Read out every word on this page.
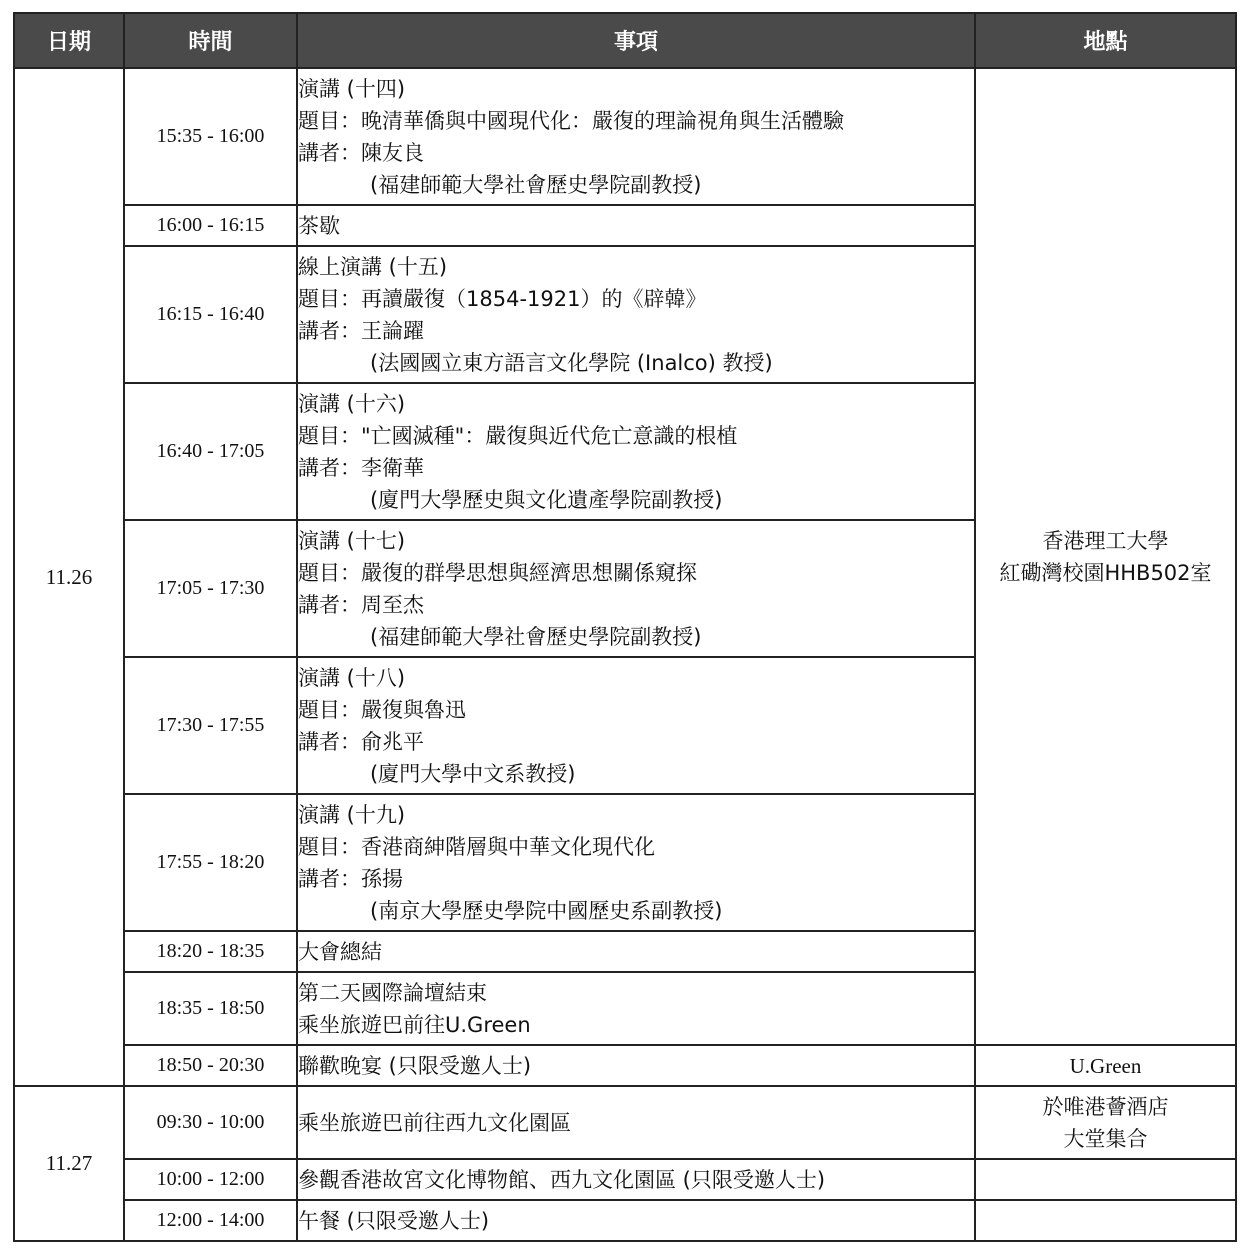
日期	時間	事項	地點
11.26	15:35 - 16:00	演講 (十四)
題目：晚清華僑與中國現代化：嚴復的理論視角與生活體驗
講者：陳友良
(福建師範大學社會歷史學院副教授)	香港理工大學
紅磡灣校園HHB502室

	16:00 - 16:15	茶歇	

	16:15 - 16:40	線上演講 (十五)
題目：再讀嚴復（1854-1921）的《辟韓》
講者：王論躍
(法國國立東方語言文化學院 (Inalco) 教授)	

	16:40 - 17:05	演講 (十六)
題目："亡國滅種"：嚴復與近代危亡意識的根植
講者：李衛華
(廈門大學歷史與文化遺產學院副教授)	

	17:05 - 17:30	演講 (十七)
題目：嚴復的群學思想與經濟思想關係窺探
講者：周至杰
(福建師範大學社會歷史學院副教授)	

	17:30 - 17:55	演講 (十八)
題目：嚴復與魯迅
講者：俞兆平
(廈門大學中文系教授)	

	17:55 - 18:20	演講 (十九)
題目：香港商紳階層與中華文化現代化
講者：孫揚
(南京大學歷史學院中國歷史系副教授)	

	18:20 - 18:35	大會總結	

	18:35 - 18:50	第二天國際論壇結束
乘坐旅遊巴前往U.Green	

	18:50 - 20:30	聯歡晚宴 (只限受邀人士)	U.Green

11.27	09:30 - 10:00	乘坐旅遊巴前往西九文化園區	於唯港薈酒店
大堂集合

	10:00 - 12:00	參觀香港故宮文化博物館、西九文化園區 (只限受邀人士)	

	12:00 - 14:00	午餐 (只限受邀人士)	
